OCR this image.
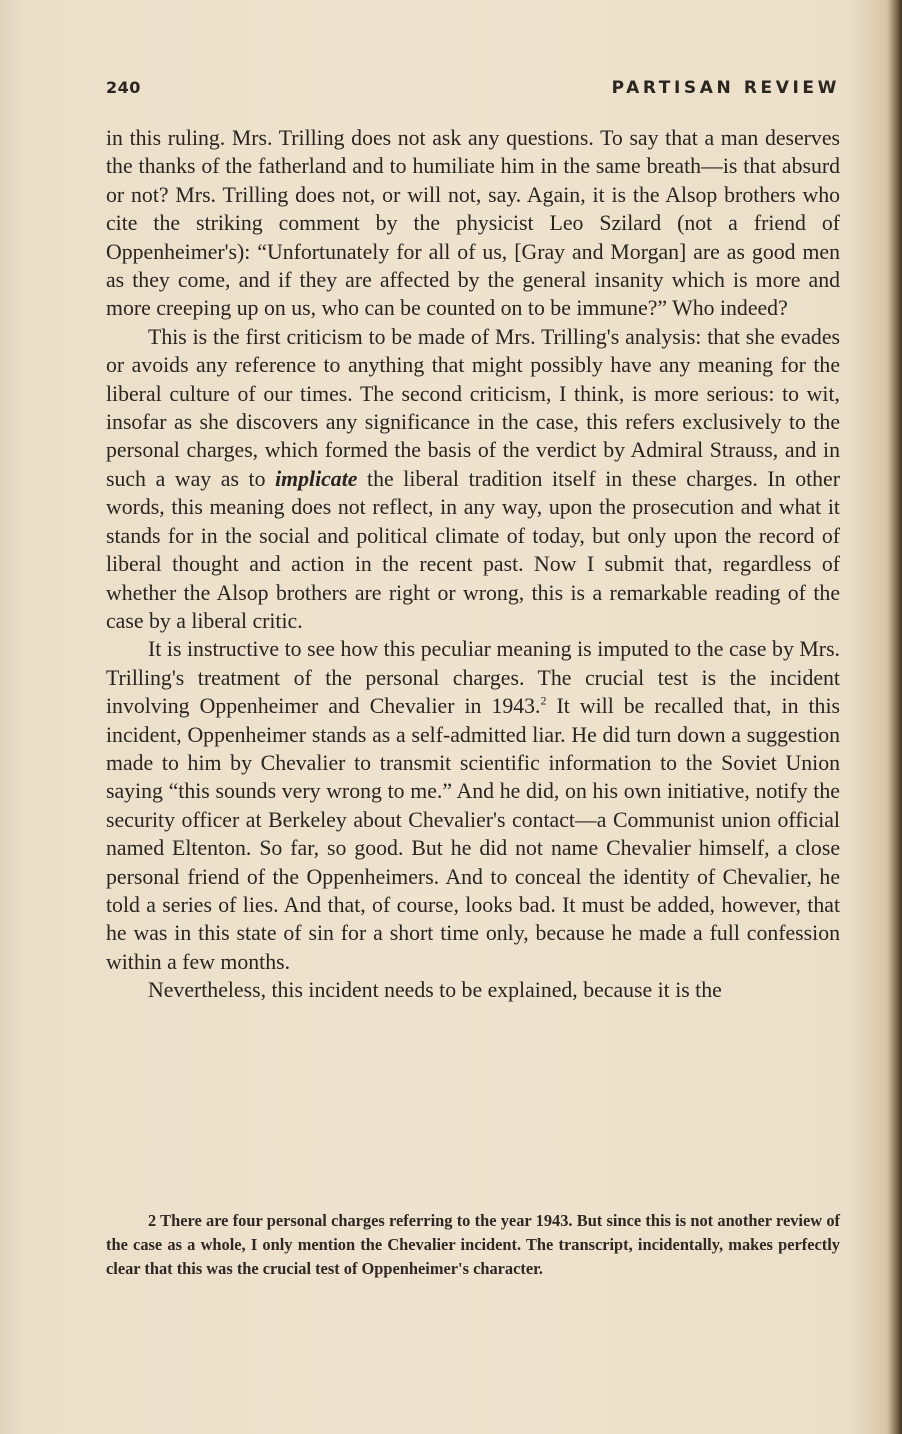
240	PARTISAN REVIEW

in this ruling. Mrs. Trilling does not ask any questions. To say that a man deserves the thanks of the fatherland and to humiliate him in the same breath—is that absurd or not? Mrs. Trilling does not, or will not, say. Again, it is the Alsop brothers who cite the striking comment by the physicist Leo Szilard (not a friend of Oppenheimer's): “Unfortunately for all of us, [Gray and Morgan] are as good men as they come, and if they are affected by the general insanity which is more and more creeping up on us, who can be counted on to be immune?” Who indeed?

This is the first criticism to be made of Mrs. Trilling's analysis: that she evades or avoids any reference to anything that might possibly have any meaning for the liberal culture of our times. The second criticism, I think, is more serious: to wit, insofar as she discovers any significance in the case, this refers exclusively to the personal charges, which formed the basis of the verdict by Admiral Strauss, and in such a way as to implicate the liberal tradition itself in these charges. In other words, this meaning does not reflect, in any way, upon the prosecution and what it stands for in the social and political climate of today, but only upon the record of liberal thought and action in the recent past. Now I submit that, regardless of whether the Alsop brothers are right or wrong, this is a remarkable reading of the case by a liberal critic.

It is instructive to see how this peculiar meaning is imputed to the case by Mrs. Trilling's treatment of the personal charges. The crucial test is the incident involving Oppenheimer and Chevalier in 1943.$^2$ It will be recalled that, in this incident, Oppenheimer stands as a self-admitted liar. He did turn down a suggestion made to him by Chevalier to transmit scientific information to the Soviet Union saying “this sounds very wrong to me.” And he did, on his own initiative, notify the security officer at Berkeley about Chevalier's contact—a Communist union official named Eltenton. So far, so good. But he did not name Chevalier himself, a close personal friend of the Oppenheimers. And to conceal the identity of Chevalier, he told a series of lies. And that, of course, looks bad. It must be added, however, that he was in this state of sin for a short time only, because he made a full confession within a few months.

Nevertheless, this incident needs to be explained, because it is the

2 There are four personal charges referring to the year 1943. But since this is not another review of the case as a whole, I only mention the Chevalier incident. The transcript, incidentally, makes perfectly clear that this was the crucial test of Oppenheimer's character.
